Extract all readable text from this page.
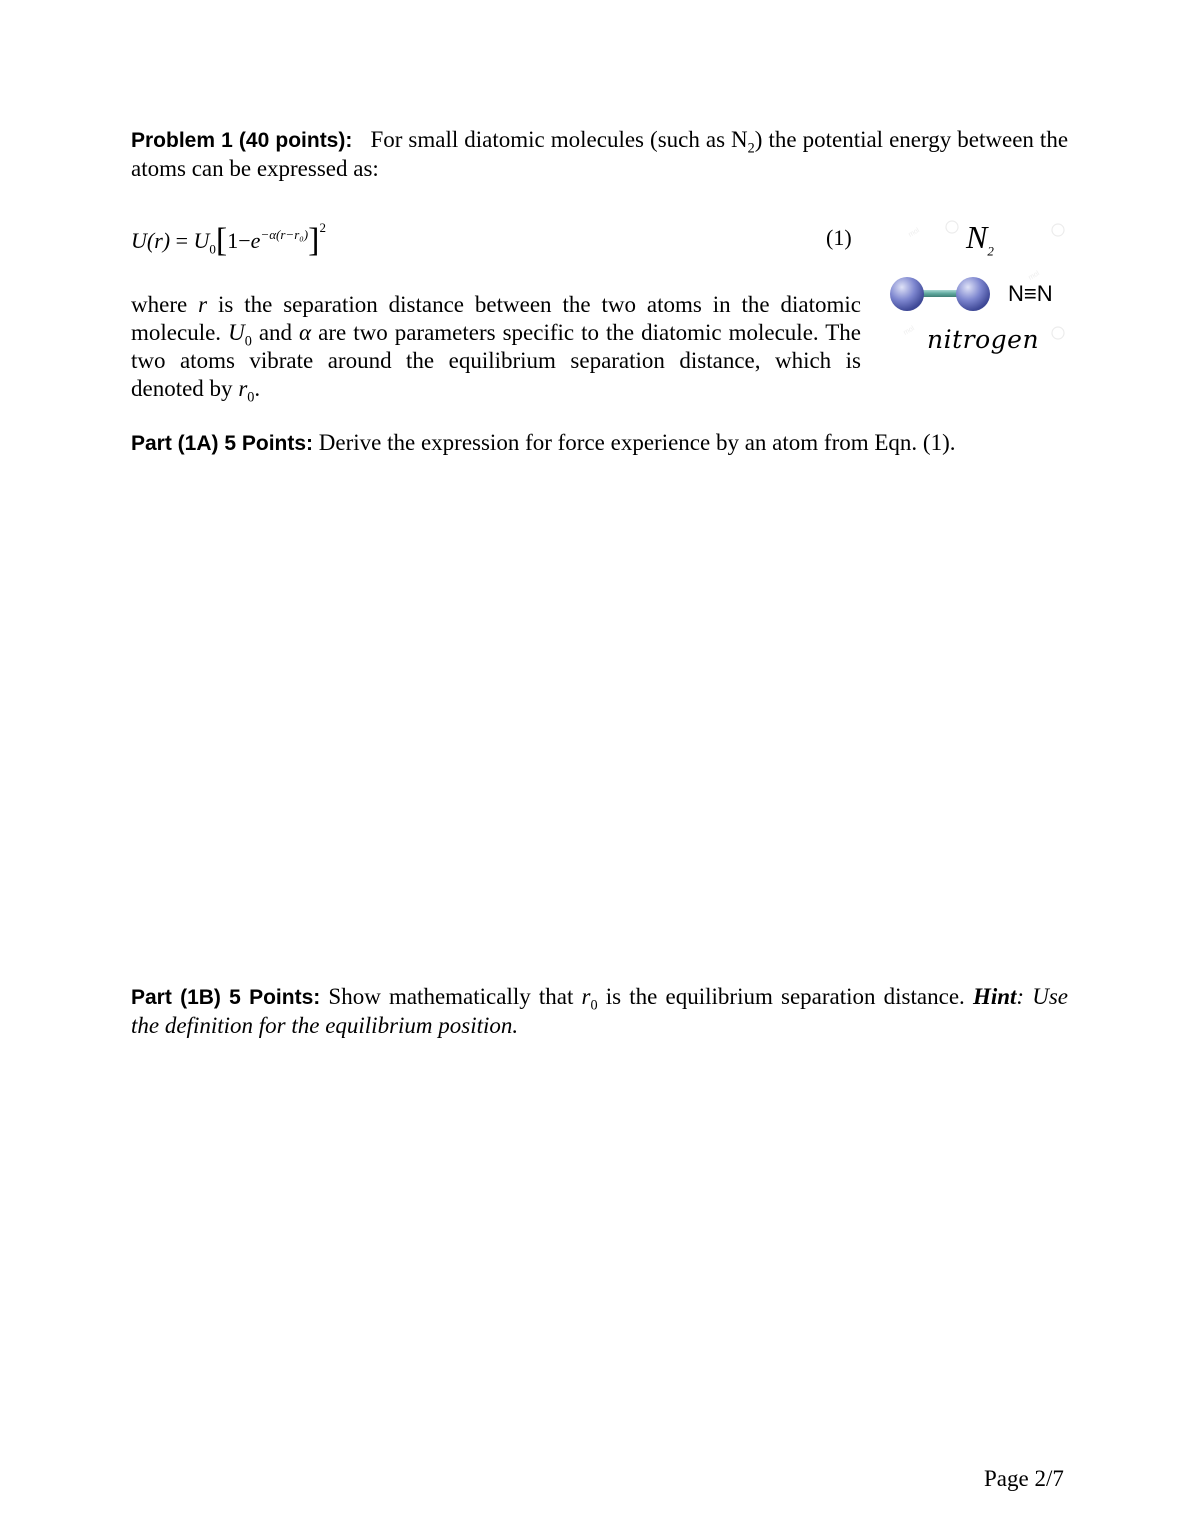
Problem 1 (40 points): For small diatomic molecules (such as $N_2$) the potential energy between the atoms can be expressed as:
$U(r) = U_0[1-e^{-\alpha(r-r_0)}]^2$	(1)
where r is the separation distance between the two atoms in the diatomic molecule. $U_0$ and α are two parameters specific to the diatomic molecule. The two atoms vibrate around the equilibrium separation distance, which is denoted by $r_0$.
mol
mol
mol
$N_2$
N≡N
nitrogen
Part (1A) 5 Points: Derive the expression for force experience by an atom from Eqn. (1).
Part (1B) 5 Points: Show mathematically that $r_0$ is the equilibrium separation distance. Hint: Use the definition for the equilibrium position.
Page 2/7
